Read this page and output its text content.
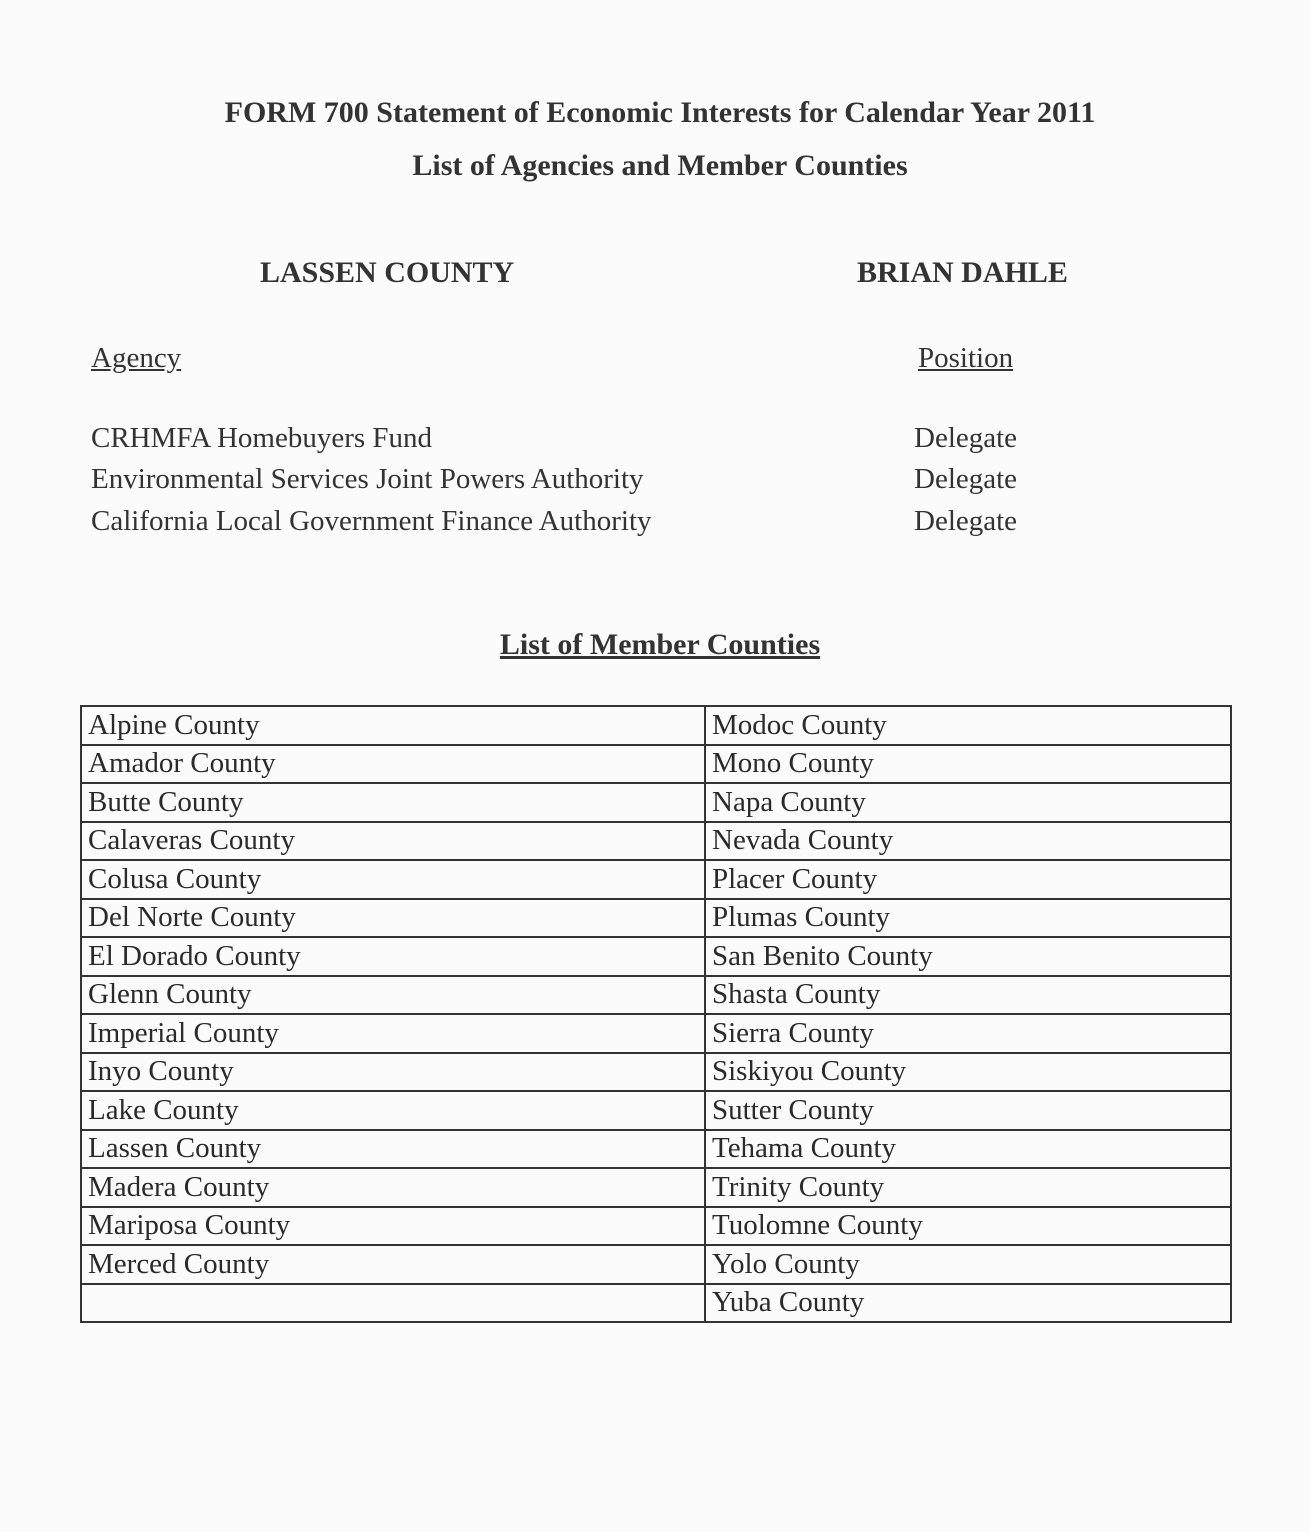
FORM 700 Statement of Economic Interests for Calendar Year 2011
List of Agencies and Member Counties
LASSEN COUNTY	BRIAN DAHLE
Agency	Position
CRHMFA Homebuyers Fund	Delegate
Environmental Services Joint Powers Authority	Delegate
California Local Government Finance Authority	Delegate
List of Member Counties
Alpine County	Modoc County
Amador County	Mono County
Butte County	Napa County
Calaveras County	Nevada County
Colusa County	Placer County
Del Norte County	Plumas County
El Dorado County	San Benito County
Glenn County	Shasta County
Imperial County	Sierra County
Inyo County	Siskiyou County
Lake County	Sutter County
Lassen County	Tehama County
Madera County	Trinity County
Mariposa County	Tuolomne County
Merced County	Yolo County
	Yuba County
